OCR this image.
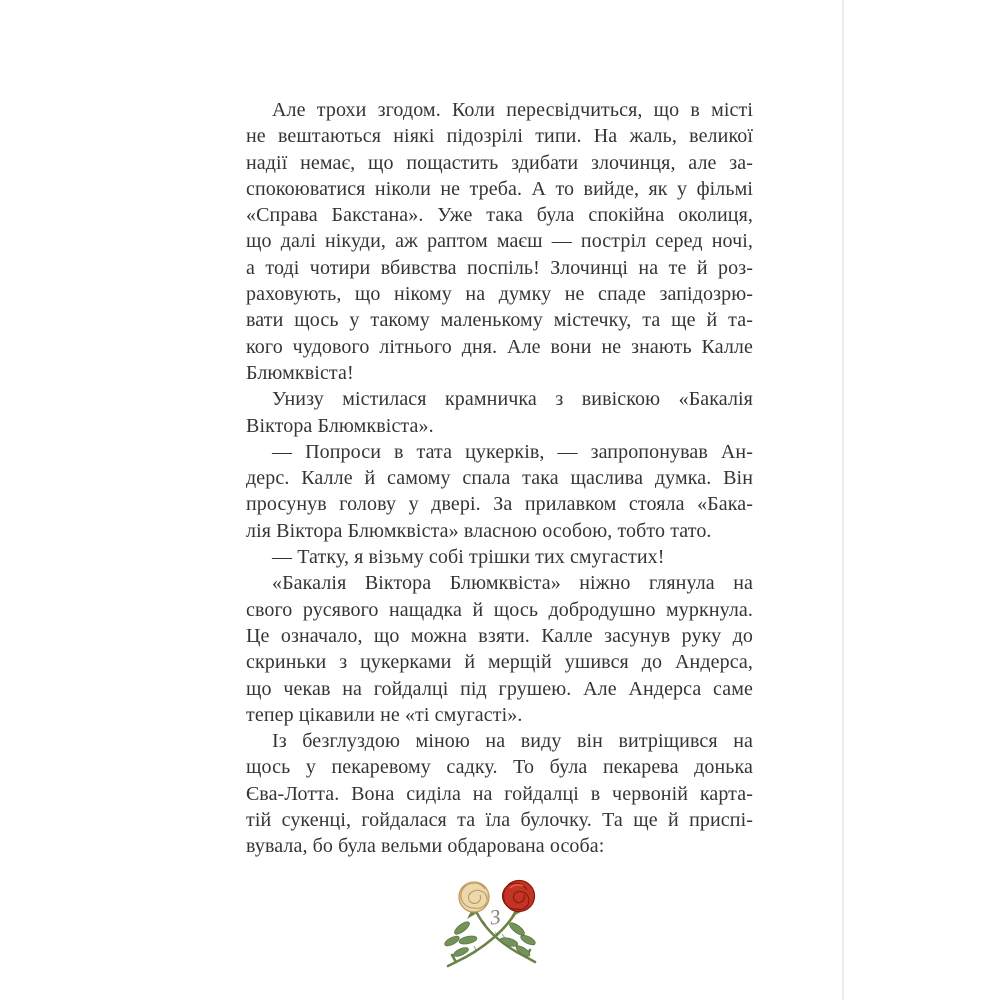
Але трохи згодом. Коли пересвідчиться, що в місті
не вештаються ніякі підозрілі типи. На жаль, великої
надії немає, що пощастить здибати злочинця, але за-
спокоюватися ніколи не треба. А то вийде, як у фільмі
«Справа Бакстана». Уже така була спокійна околиця,
що далі нікуди, аж раптом маєш — постріл серед ночі,
а тоді чотири вбивства поспіль! Злочинці на те й роз-
раховують, що нікому на думку не спаде запідозрю-
вати щось у такому маленькому містечку, та ще й та-
кого чудового літнього дня. Але вони не знають Калле
Блюмквіста!
Унизу містилася крамничка з вивіскою «Бакалія
Віктора Блюмквіста».
— Попроси в тата цукерків, — запропонував Ан-
дерс. Калле й самому спала така щаслива думка. Він
просунув голову у двері. За прилавком стояла «Бака-
лія Віктора Блюмквіста» власною особою, тобто тато.
— Татку, я візьму собі трішки тих смугастих!
«Бакалія Віктора Блюмквіста» ніжно глянула на
свого русявого нащадка й щось добродушно муркнула.
Це означало, що можна взяти. Калле засунув руку до
скриньки з цукерками й мерщій ушився до Андерса,
що чекав на гойдалці під грушею. Але Андерса саме
тепер цікавили не «ті смугасті».
Із безглуздою міною на виду він витріщився на
щось у пекаревому садку. То була пекарева донька
Єва-Лотта. Вона сиділа на гойдалці в червоній карта-
тій сукенці, гойдалася та їла булочку. Та ще й приспі-
вувала, бо була вельми обдарована особа:
3
